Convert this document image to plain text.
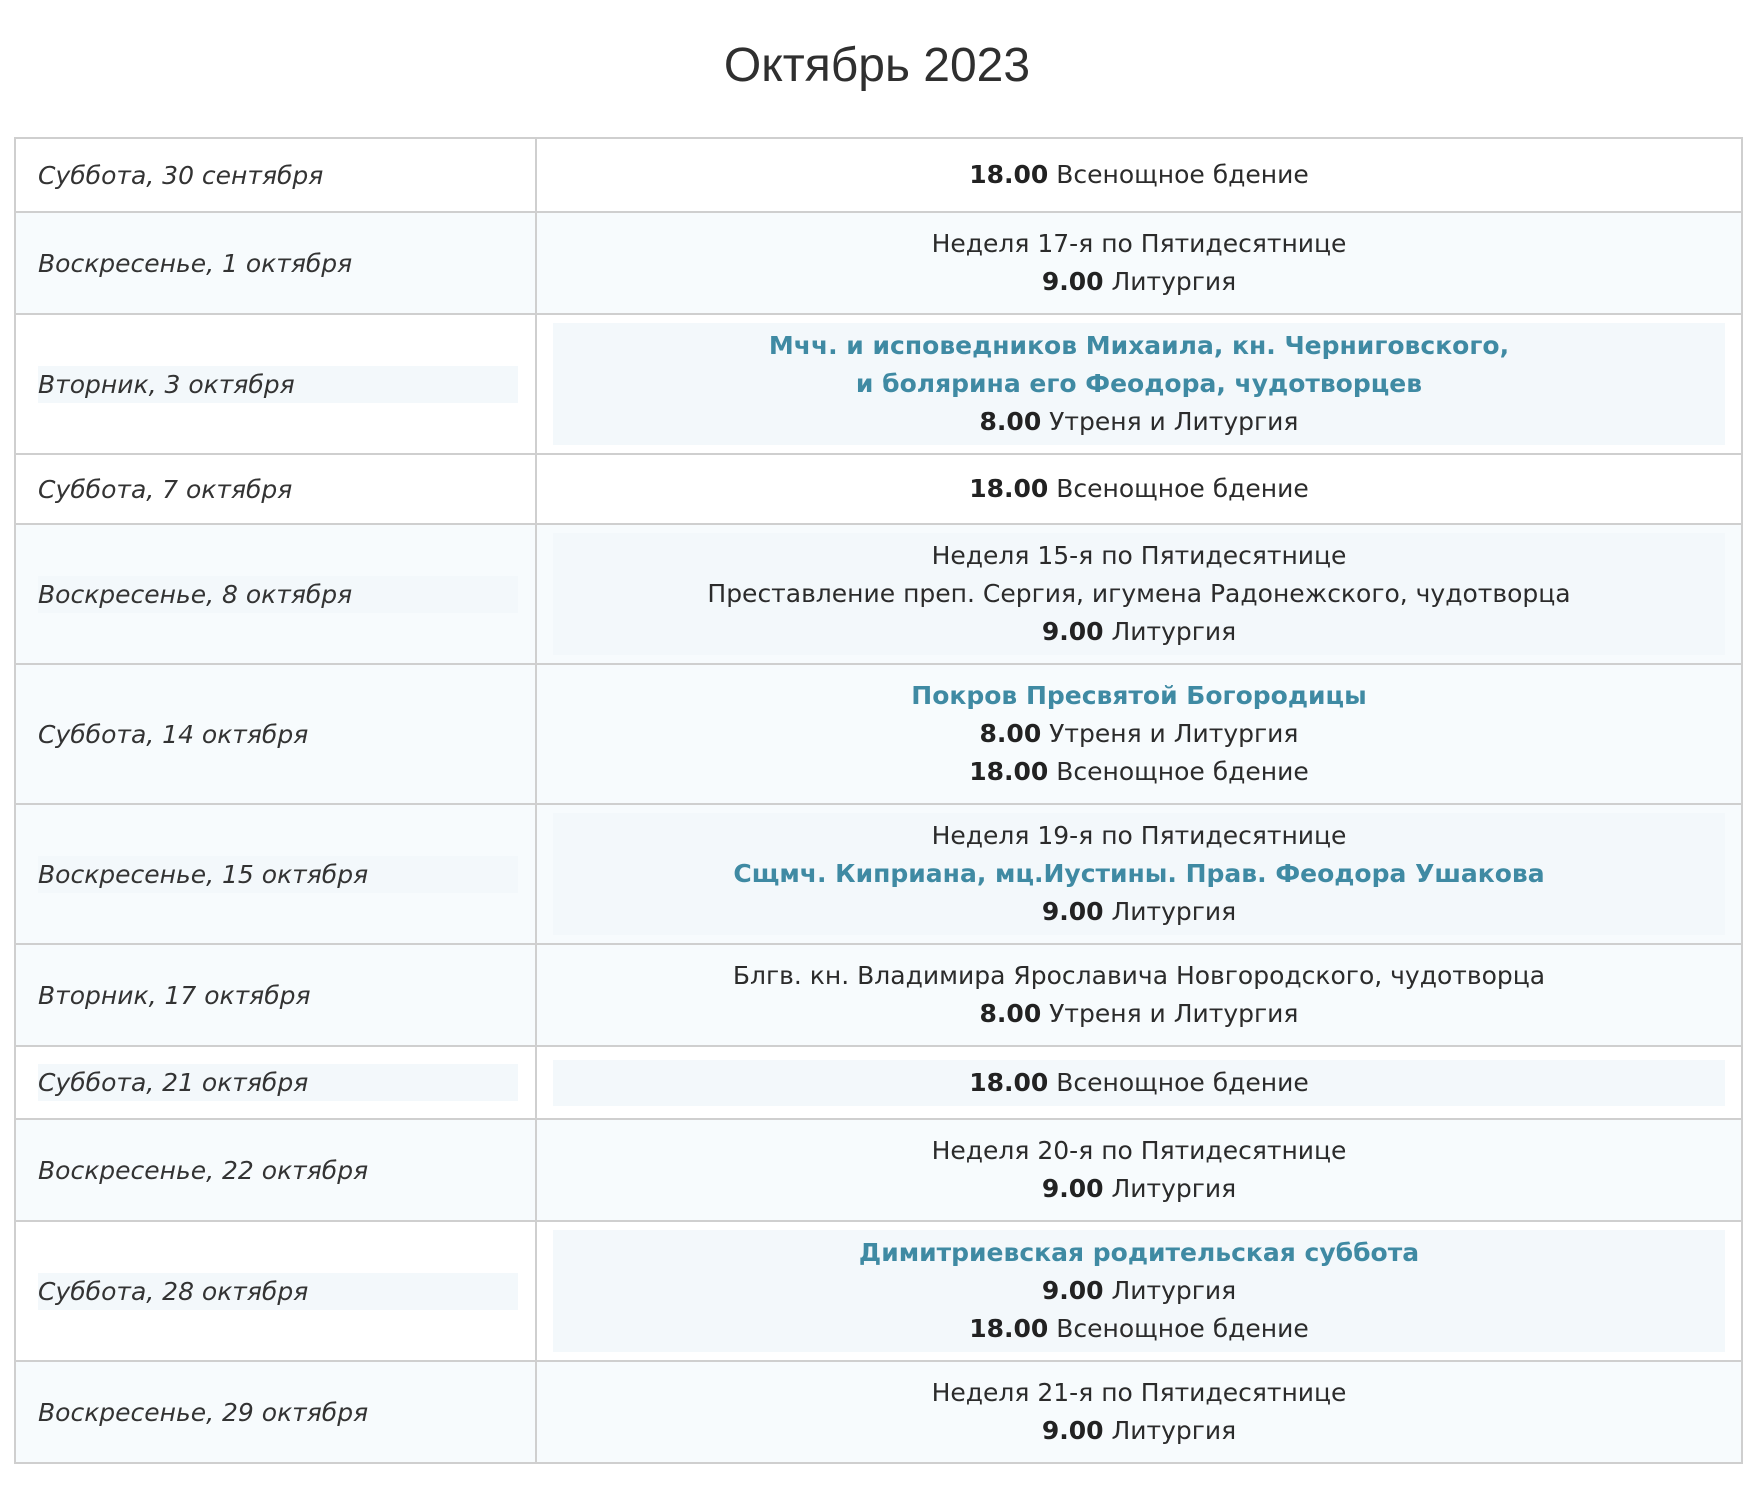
Октябрь 2023
Суббота, 30 сентября	18.00 Всенощное бдение

Воскресенье, 1 октября	Неделя 17-я по Пятидесятнице
9.00 Литургия

Вторник, 3 октября	Мчч. и исповедников Михаила, кн. Черниговского,
и болярина его Феодора, чудотворцев
8.00 Утреня и Литургия

Суббота, 7 октября	18.00 Всенощное бдение

Воскресенье, 8 октября	Неделя 15-я по Пятидесятнице
Преставление преп. Сергия, игумена Радонежского, чудотворца
9.00 Литургия

Суббота, 14 октября	Покров Пресвятой Богородицы
8.00 Утреня и Литургия
18.00 Всенощное бдение

Воскресенье, 15 октября	Неделя 19-я по Пятидесятнице
Сщмч. Киприана, мц.Иустины. Прав. Феодора Ушакова
9.00 Литургия

Вторник, 17 октября	Блгв. кн. Владимира Ярославича Новгородского, чудотворца
8.00 Утреня и Литургия

Суббота, 21 октября	18.00 Всенощное бдение

Воскресенье, 22 октября	Неделя 20-я по Пятидесятнице
9.00 Литургия

Суббота, 28 октября	Димитриевская родительская суббота
9.00 Литургия
18.00 Всенощное бдение

Воскресенье, 29 октября	Неделя 21-я по Пятидесятнице
9.00 Литургия
